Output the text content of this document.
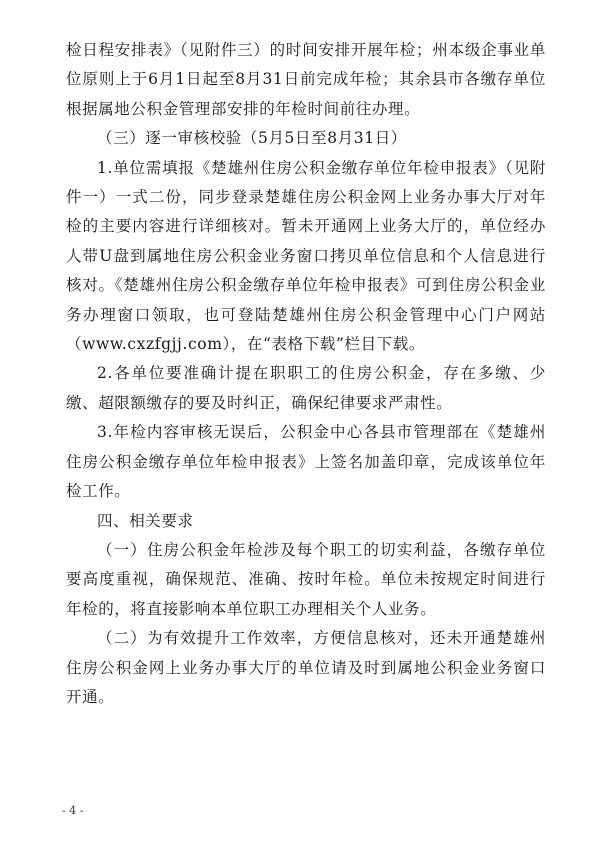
检日程安排表》（见附件三）的时间安排开展年检；州本级企事业单位原则上于6月1日起至8月31日前完成年检；其余县市各缴存单位根据属地公积金管理部安排的年检时间前往办理。

（三）逐一审核校验（5月5日至8月31日）

1.单位需填报《楚雄州住房公积金缴存单位年检申报表》（见附件一）一式二份，同步登录楚雄住房公积金网上业务办事大厅对年检的主要内容进行详细核对。暂未开通网上业务大厅的，单位经办人带U盘到属地住房公积金业务窗口拷贝单位信息和个人信息进行核对。《楚雄州住房公积金缴存单位年检申报表》可到住房公积金业务办理窗口领取，也可登陆楚雄州住房公积金管理中心门户网站（www.cxzfgjj.com），在“表格下载”栏目下载。

2.各单位要准确计提在职职工的住房公积金，存在多缴、少缴、超限额缴存的要及时纠正，确保纪律要求严肃性。

3.年检内容审核无误后，公积金中心各县市管理部在《楚雄州住房公积金缴存单位年检申报表》上签名加盖印章，完成该单位年检工作。

四、相关要求

（一）住房公积金年检涉及每个职工的切实利益，各缴存单位要高度重视，确保规范、准确、按时年检。单位未按规定时间进行年检的，将直接影响本单位职工办理相关个人业务。

（二）为有效提升工作效率，方便信息核对，还未开通楚雄州住房公积金网上业务办事大厅的单位请及时到属地公积金业务窗口开通。

- 4 -
